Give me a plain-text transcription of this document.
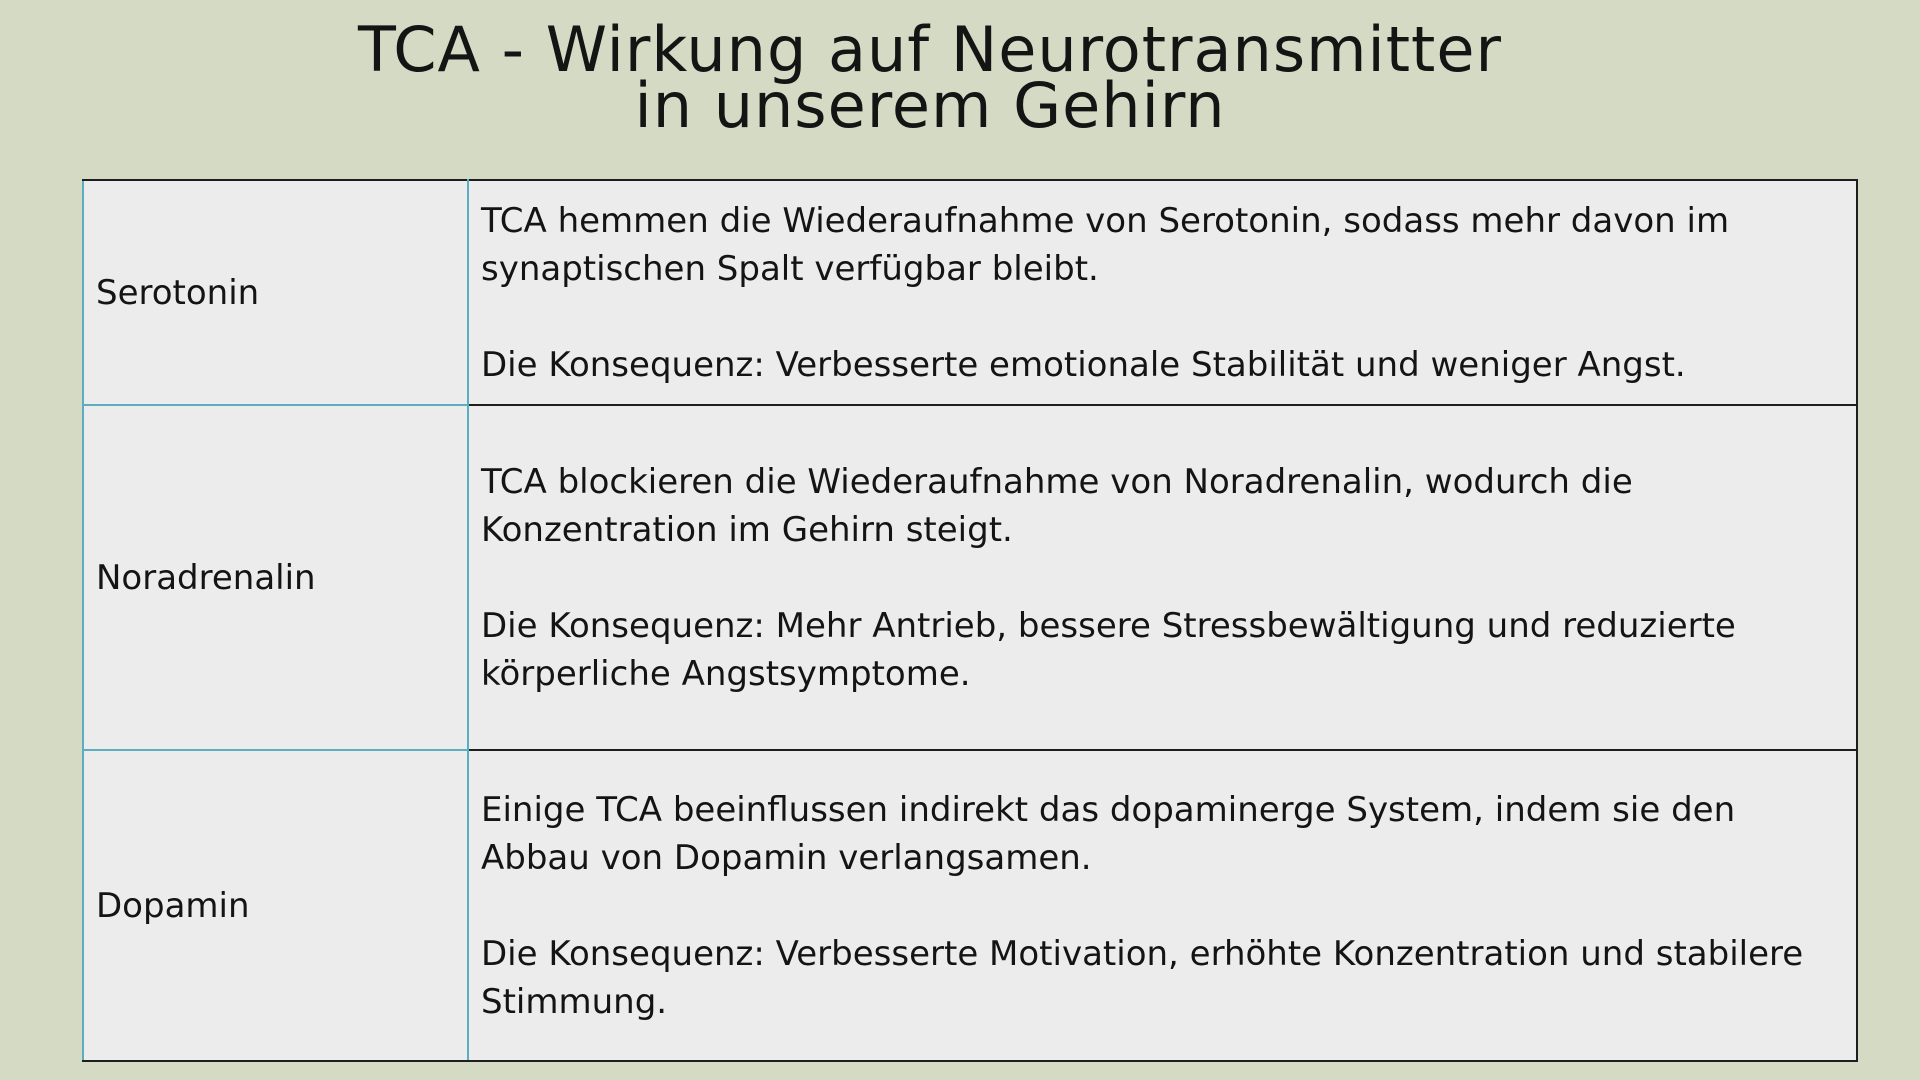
TCA - Wirkung auf Neurotransmitter
in unserem Gehirn
Serotonin	TCA hemmen die Wiederaufnahme von Serotonin, sodass mehr davon im synaptischen Spalt verfügbar bleibt.
Die Konsequenz: Verbesserte emotionale Stabilität und weniger Angst.

Noradrenalin	TCA blockieren die Wiederaufnahme von Noradrenalin, wodurch die Konzentration im Gehirn steigt.
Die Konsequenz: Mehr Antrieb, bessere Stressbewältigung und reduzierte körperliche Angstsymptome.

Dopamin	Einige TCA beeinflussen indirekt das dopaminerge System, indem sie den Abbau von Dopamin verlangsamen.
Die Konsequenz: Verbesserte Motivation, erhöhte Konzentration und stabilere Stimmung.
